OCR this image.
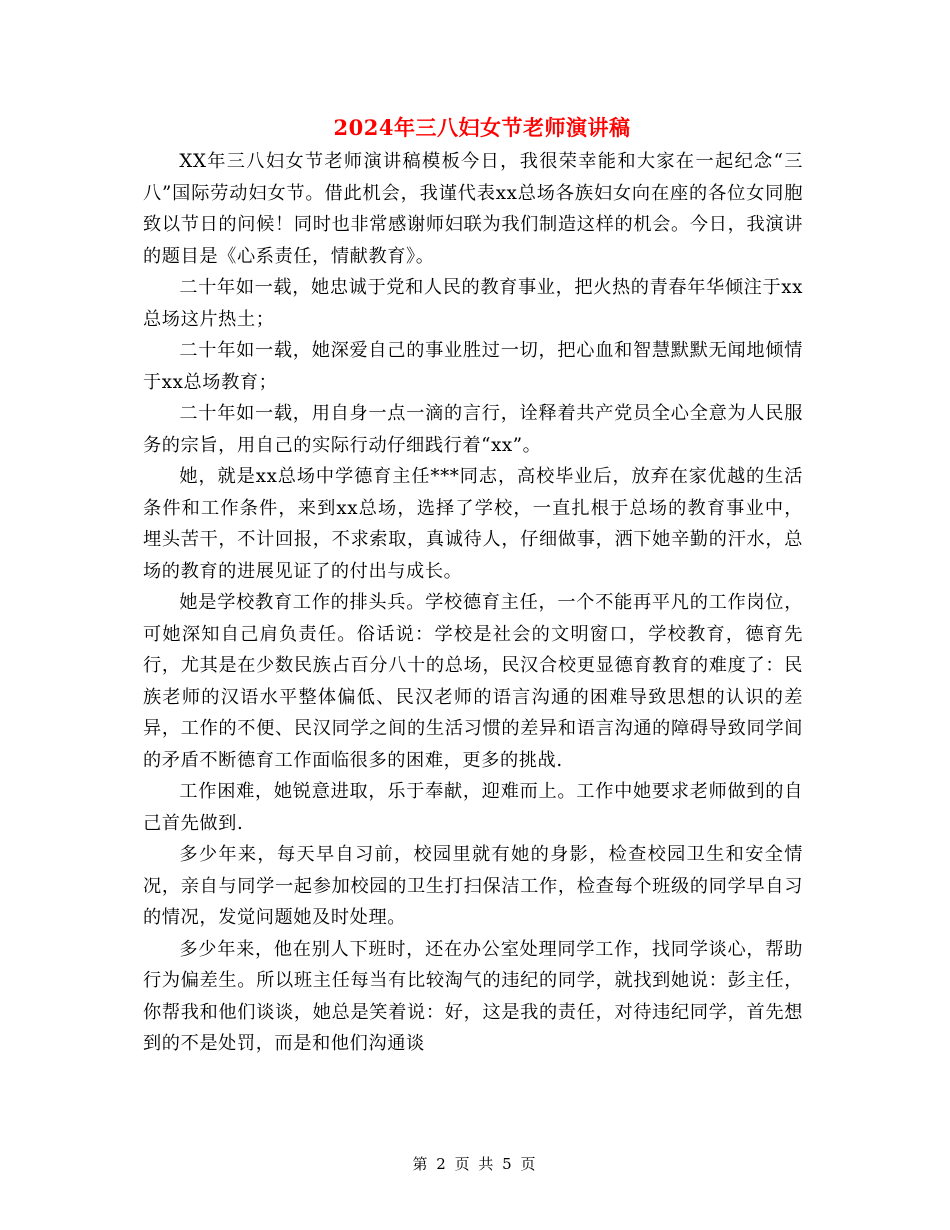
2024年三八妇女节老师演讲稿

XX年三八妇女节老师演讲稿模板今日，我很荣幸能和大家在一起纪念“三八”国际劳动妇女节。借此机会，我谨代表xx总场各族妇女向在座的各位女同胞致以节日的问候！同时也非常感谢师妇联为我们制造这样的机会。今日，我演讲的题目是《心系责任，情献教育》。

二十年如一载，她忠诚于党和人民的教育事业，把火热的青春年华倾注于xx总场这片热土；

二十年如一载，她深爱自己的事业胜过一切，把心血和智慧默默无闻地倾情于xx总场教育；

二十年如一载，用自身一点一滴的言行，诠释着共产党员全心全意为人民服务的宗旨，用自己的实际行动仔细践行着“xx”。

她，就是xx总场中学德育主任***同志，高校毕业后，放弃在家优越的生活条件和工作条件，来到xx总场，选择了学校，一直扎根于总场的教育事业中，埋头苦干，不计回报，不求索取，真诚待人，仔细做事，洒下她辛勤的汗水，总场的教育的进展见证了的付出与成长。

她是学校教育工作的排头兵。学校德育主任，一个不能再平凡的工作岗位，可她深知自己肩负责任。俗话说：学校是社会的文明窗口，学校教育，德育先行，尤其是在少数民族占百分八十的总场，民汉合校更显德育教育的难度了：民族老师的汉语水平整体偏低、民汉老师的语言沟通的困难导致思想的认识的差异，工作的不便、民汉同学之间的生活习惯的差异和语言沟通的障碍导致同学间的矛盾不断德育工作面临很多的困难，更多的挑战.

工作困难，她锐意进取，乐于奉献，迎难而上。工作中她要求老师做到的自己首先做到.

多少年来，每天早自习前，校园里就有她的身影，检查校园卫生和安全情况，亲自与同学一起参加校园的卫生打扫保洁工作，检查每个班级的同学早自习的情况，发觉问题她及时处理。

多少年来，他在别人下班时，还在办公室处理同学工作，找同学谈心，帮助行为偏差生。所以班主任每当有比较淘气的违纪的同学，就找到她说：彭主任，你帮我和他们谈谈，她总是笑着说：好，这是我的责任，对待违纪同学，首先想到的不是处罚，而是和他们沟通谈

第 2 页 共 5 页
